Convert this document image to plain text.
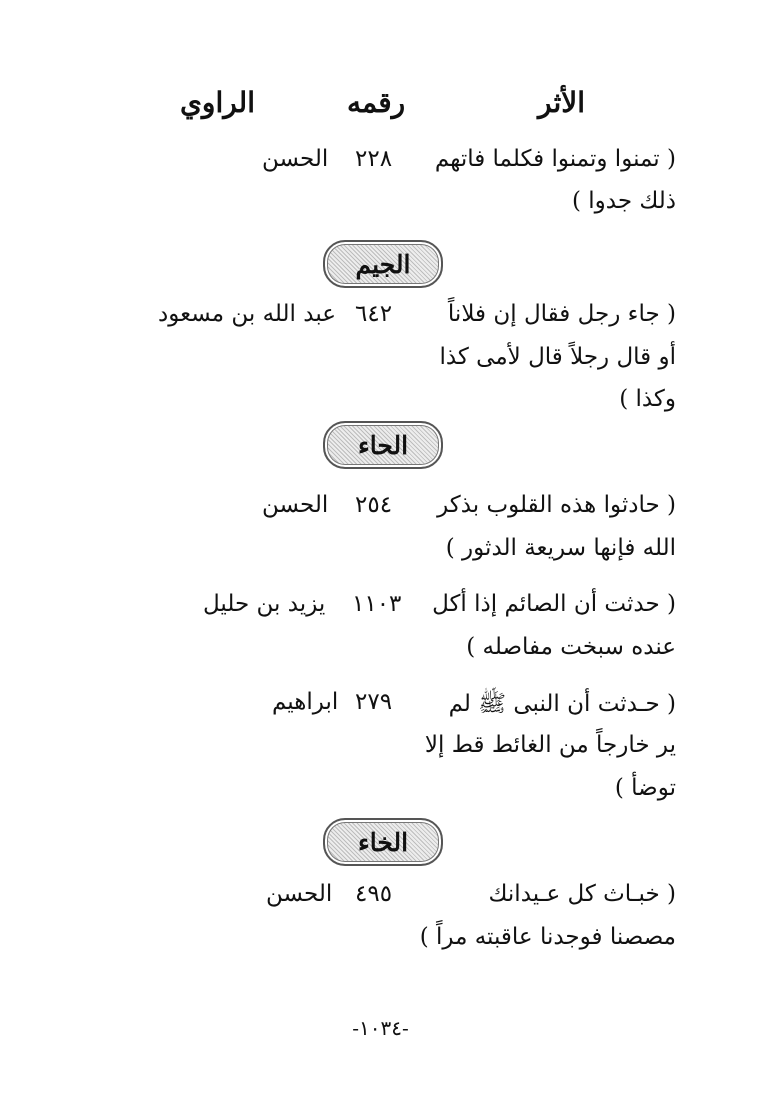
الأثر
رقمه
الراوي
( تمنوا وتمنوا فكلما فاتهم
ذلك جدوا )
٢٢٨
الحسن
الجيم
( جاء رجل فقال إن فلاناً
أو قال رجلاً قال لأمى كذا
وكذا )
٦٤٢
عبد الله بن مسعود
الحاء
( حادثوا هذه القلوب بذكر
الله فإنها سريعة الدثور )
٢٥٤
الحسن
( حدثت أن الصائم إذا أكل
عنده سبخت مفاصله )
١١٠٣
يزيد بن حليل
( حـدثت أن النبى ﷺ لم
ير خارجاً من الغائط قط إلا
توضأ )
٢٧٩
ابراهيم
الخاء
( خبـاث كل عـيدانك
مصصنا فوجدنا عاقبته مراً )
٤٩٥
الحسن
-١٠٣٤-
